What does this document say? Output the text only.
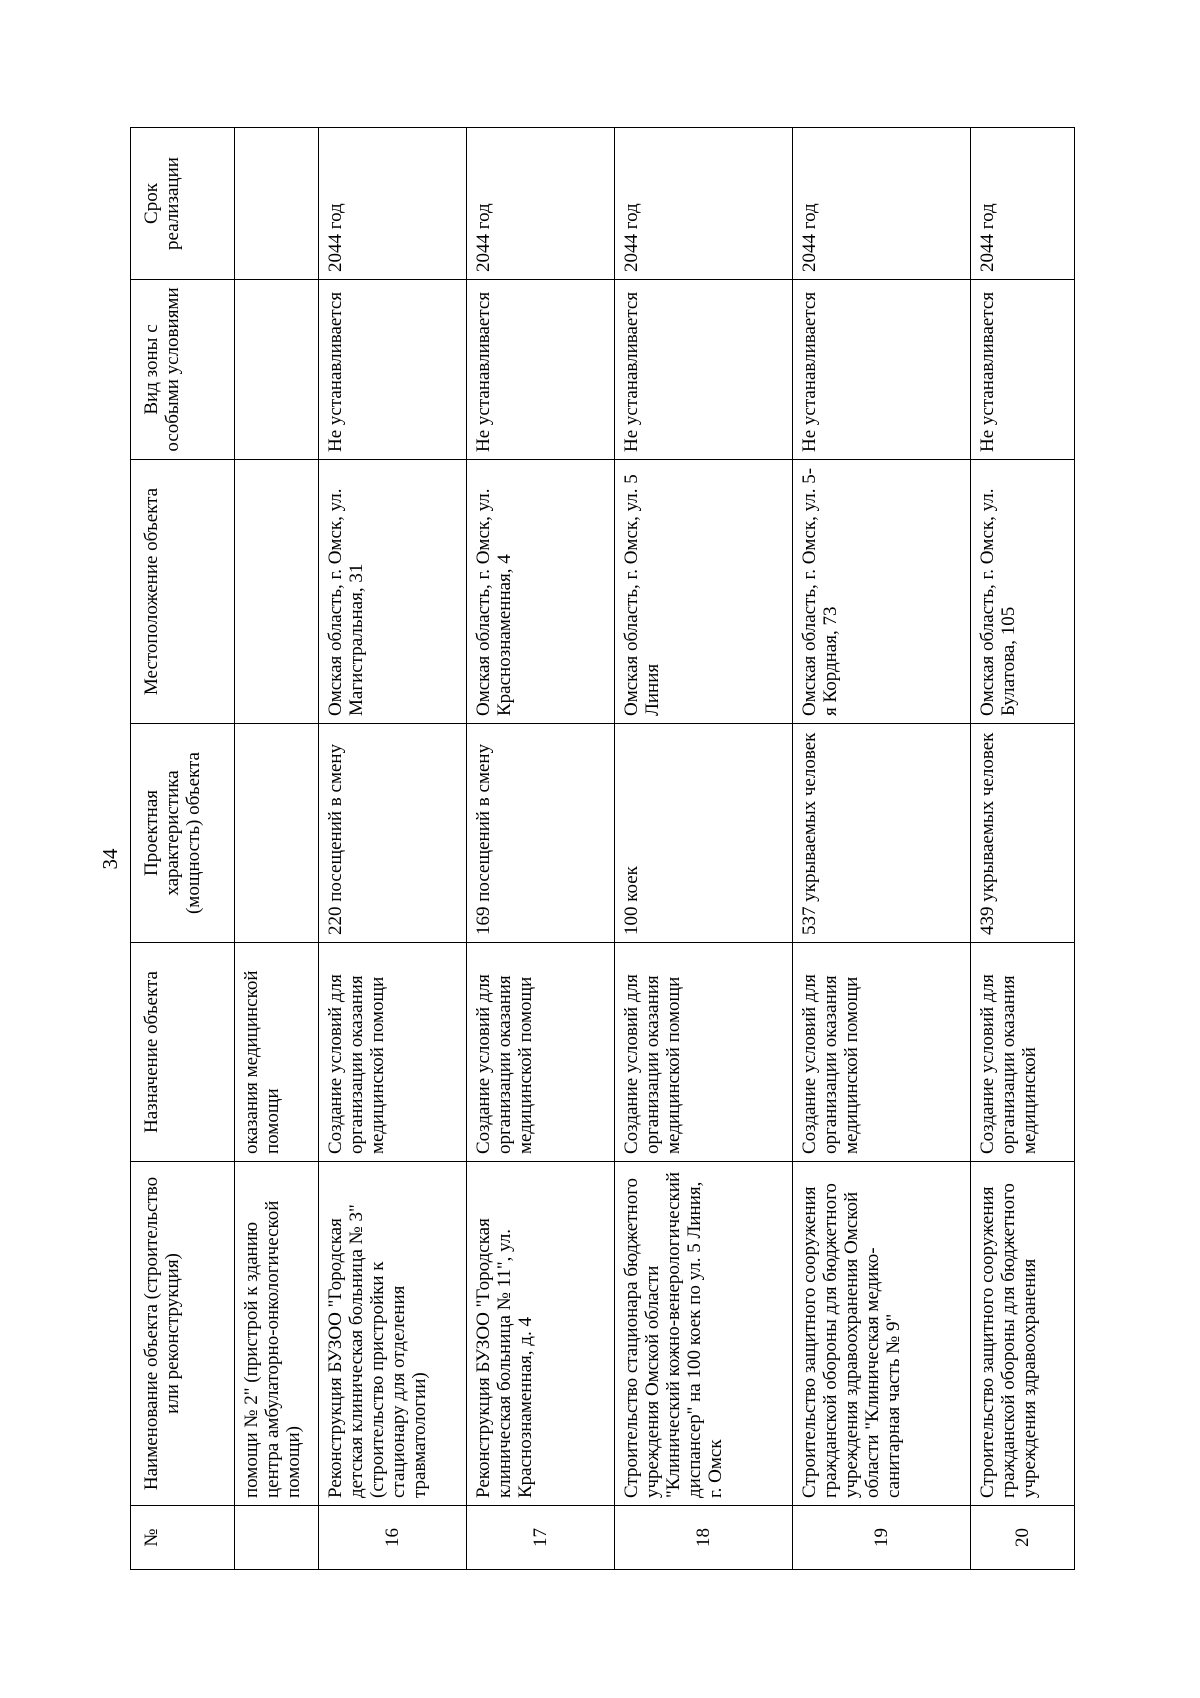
34
№	Наименование объекта (строительство или реконструкция)	Назначение объекта	Проектная характеристика (мощность) объекта	Местоположение объекта	Вид зоны с особыми условиями	Срок реализации
	помощи № 2" (пристрой к зданию центра амбулаторно-онкологической помощи)	оказания медицинской помощи				
16	Реконструкция БУЗОО "Городская детская клиническая больница № 3" (строительство пристройки к стационару для отделения травматологии)	Создание условий для организации оказания медицинской помощи	220 посещений в смену	Омская область, г. Омск, ул. Магистральная, 31	Не устанавливается	2044 год
17	Реконструкция БУЗОО "Городская клиническая больница № 11", ул. Краснознаменная, д. 4	Создание условий для организации оказания медицинской помощи	169 посещений в смену	Омская область, г. Омск, ул. Краснознаменная, 4	Не устанавливается	2044 год
18	Строительство стационара бюджетного учреждения Омской области "Клинический кожно-венерологический диспансер" на 100 коек по ул. 5 Линия, г. Омск	Создание условий для организации оказания медицинской помощи	100 коек	Омская область, г. Омск, ул. 5 Линия	Не устанавливается	2044 год
19	Строительство защитного сооружения гражданской обороны для бюджетного учреждения здравоохранения Омской области "Клиническая медико-санитарная часть № 9"	Создание условий для организации оказания медицинской помощи	537 укрываемых человек	Омская область, г. Омск, ул. 5-я Кордная, 73	Не устанавливается	2044 год
20	Строительство защитного сооружения гражданской обороны для бюджетного учреждения здравоохранения	Создание условий для организации оказания медицинской	439 укрываемых человек	Омская область, г. Омск, ул. Булатова, 105	Не устанавливается	2044 год
